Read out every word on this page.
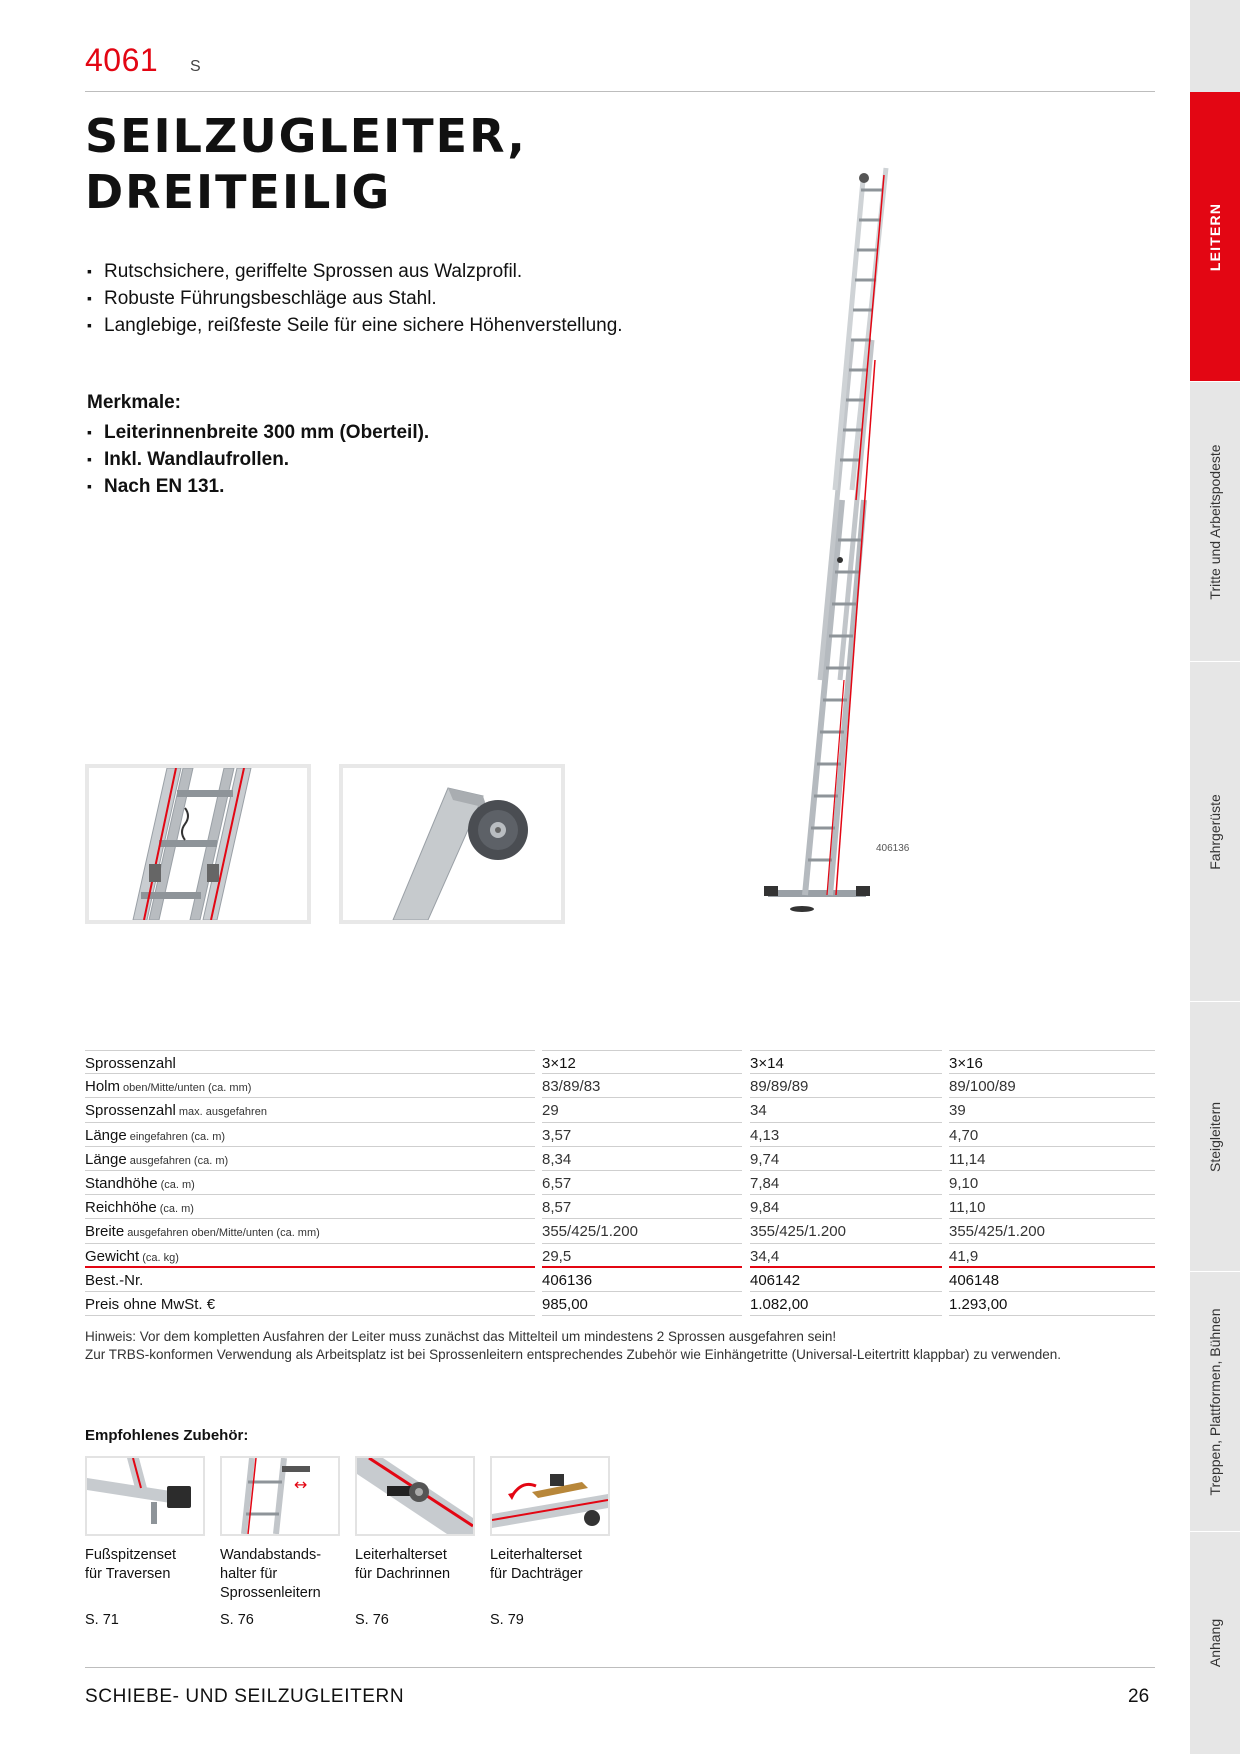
4061 S
SEILZUGLEITER,
DREITEILIG
▪ Rutschsichere, geriffelte Sprossen aus Walzprofil.
▪ Robuste Führungsbeschläge aus Stahl.
▪ Langlebige, reißfeste Seile für eine sichere Höhenverstellung.
Merkmale:
▪ Leiterinnenbreite 300 mm (Oberteil).
▪ Inkl. Wandlaufrollen.
▪ Nach EN 131.
406136
Sprossenzahl	3×12	3×14	3×16
Holm oben/Mitte/unten (ca. mm)	83/89/83	89/89/89	89/100/89
Sprossenzahl max. ausgefahren	29	34	39
Länge eingefahren (ca. m)	3,57	4,13	4,70
Länge ausgefahren (ca. m)	8,34	9,74	11,14
Standhöhe (ca. m)	6,57	7,84	9,10
Reichhöhe (ca. m)	8,57	9,84	11,10
Breite ausgefahren oben/Mitte/unten (ca. mm)	355/425/1.200	355/425/1.200	355/425/1.200
Gewicht (ca. kg)	29,5	34,4	41,9
Best.-Nr.	406136	406142	406148
Preis ohne MwSt. €	985,00	1.082,00	1.293,00
Hinweis: Vor dem kompletten Ausfahren der Leiter muss zunächst das Mittelteil um mindestens 2 Sprossen ausgefahren sein!
Zur TRBS-konformen Verwendung als Arbeitsplatz ist bei Sprossenleitern entsprechendes Zubehör wie Einhängetritte (Universal-Leitertritt klappbar) zu verwenden.
Empfohlenes Zubehör:
Fußspitzenset
für Traversen
S. 71
↔
Wandabstands-
halter für
Sprossenleitern
S. 76
Leiterhalterset
für Dachrinnen
S. 76
Leiterhalterset
für Dachträger
S. 79
SCHIEBE- UND SEILZUGLEITERN	26
LEITERN
Tritte und Arbeitspodeste
Fahrgerüste
Steigleitern
Treppen, Plattformen, Bühnen
Anhang
